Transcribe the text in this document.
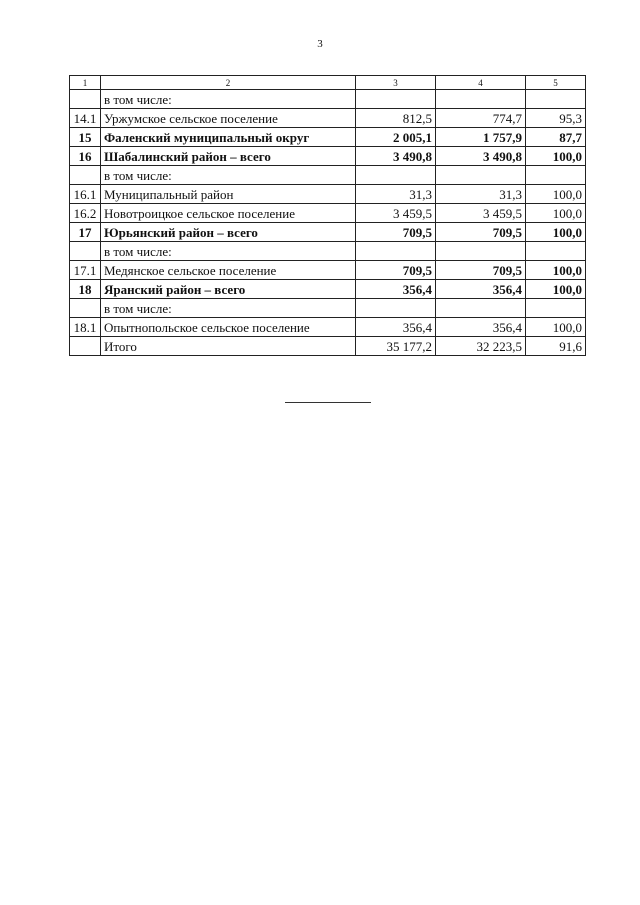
3
1	2	3	4	5
	в том числе:			
14.1	Уржумское сельское поселение	812,5	774,7	95,3
15	Фаленский муниципальный округ	2 005,1	1 757,9	87,7
16	Шабалинский район – всего	3 490,8	3 490,8	100,0
	в том числе:			
16.1	Муниципальный район	31,3	31,3	100,0
16.2	Новотроицкое сельское поселение	3 459,5	3 459,5	100,0
17	Юрьянский район – всего	709,5	709,5	100,0
	в том числе:			
17.1	Медянское сельское поселение	709,5	709,5	100,0
18	Яранский район – всего	356,4	356,4	100,0
	в том числе:			
18.1	Опытнопольское сельское поселение	356,4	356,4	100,0
	Итого	35 177,2	32 223,5	91,6
